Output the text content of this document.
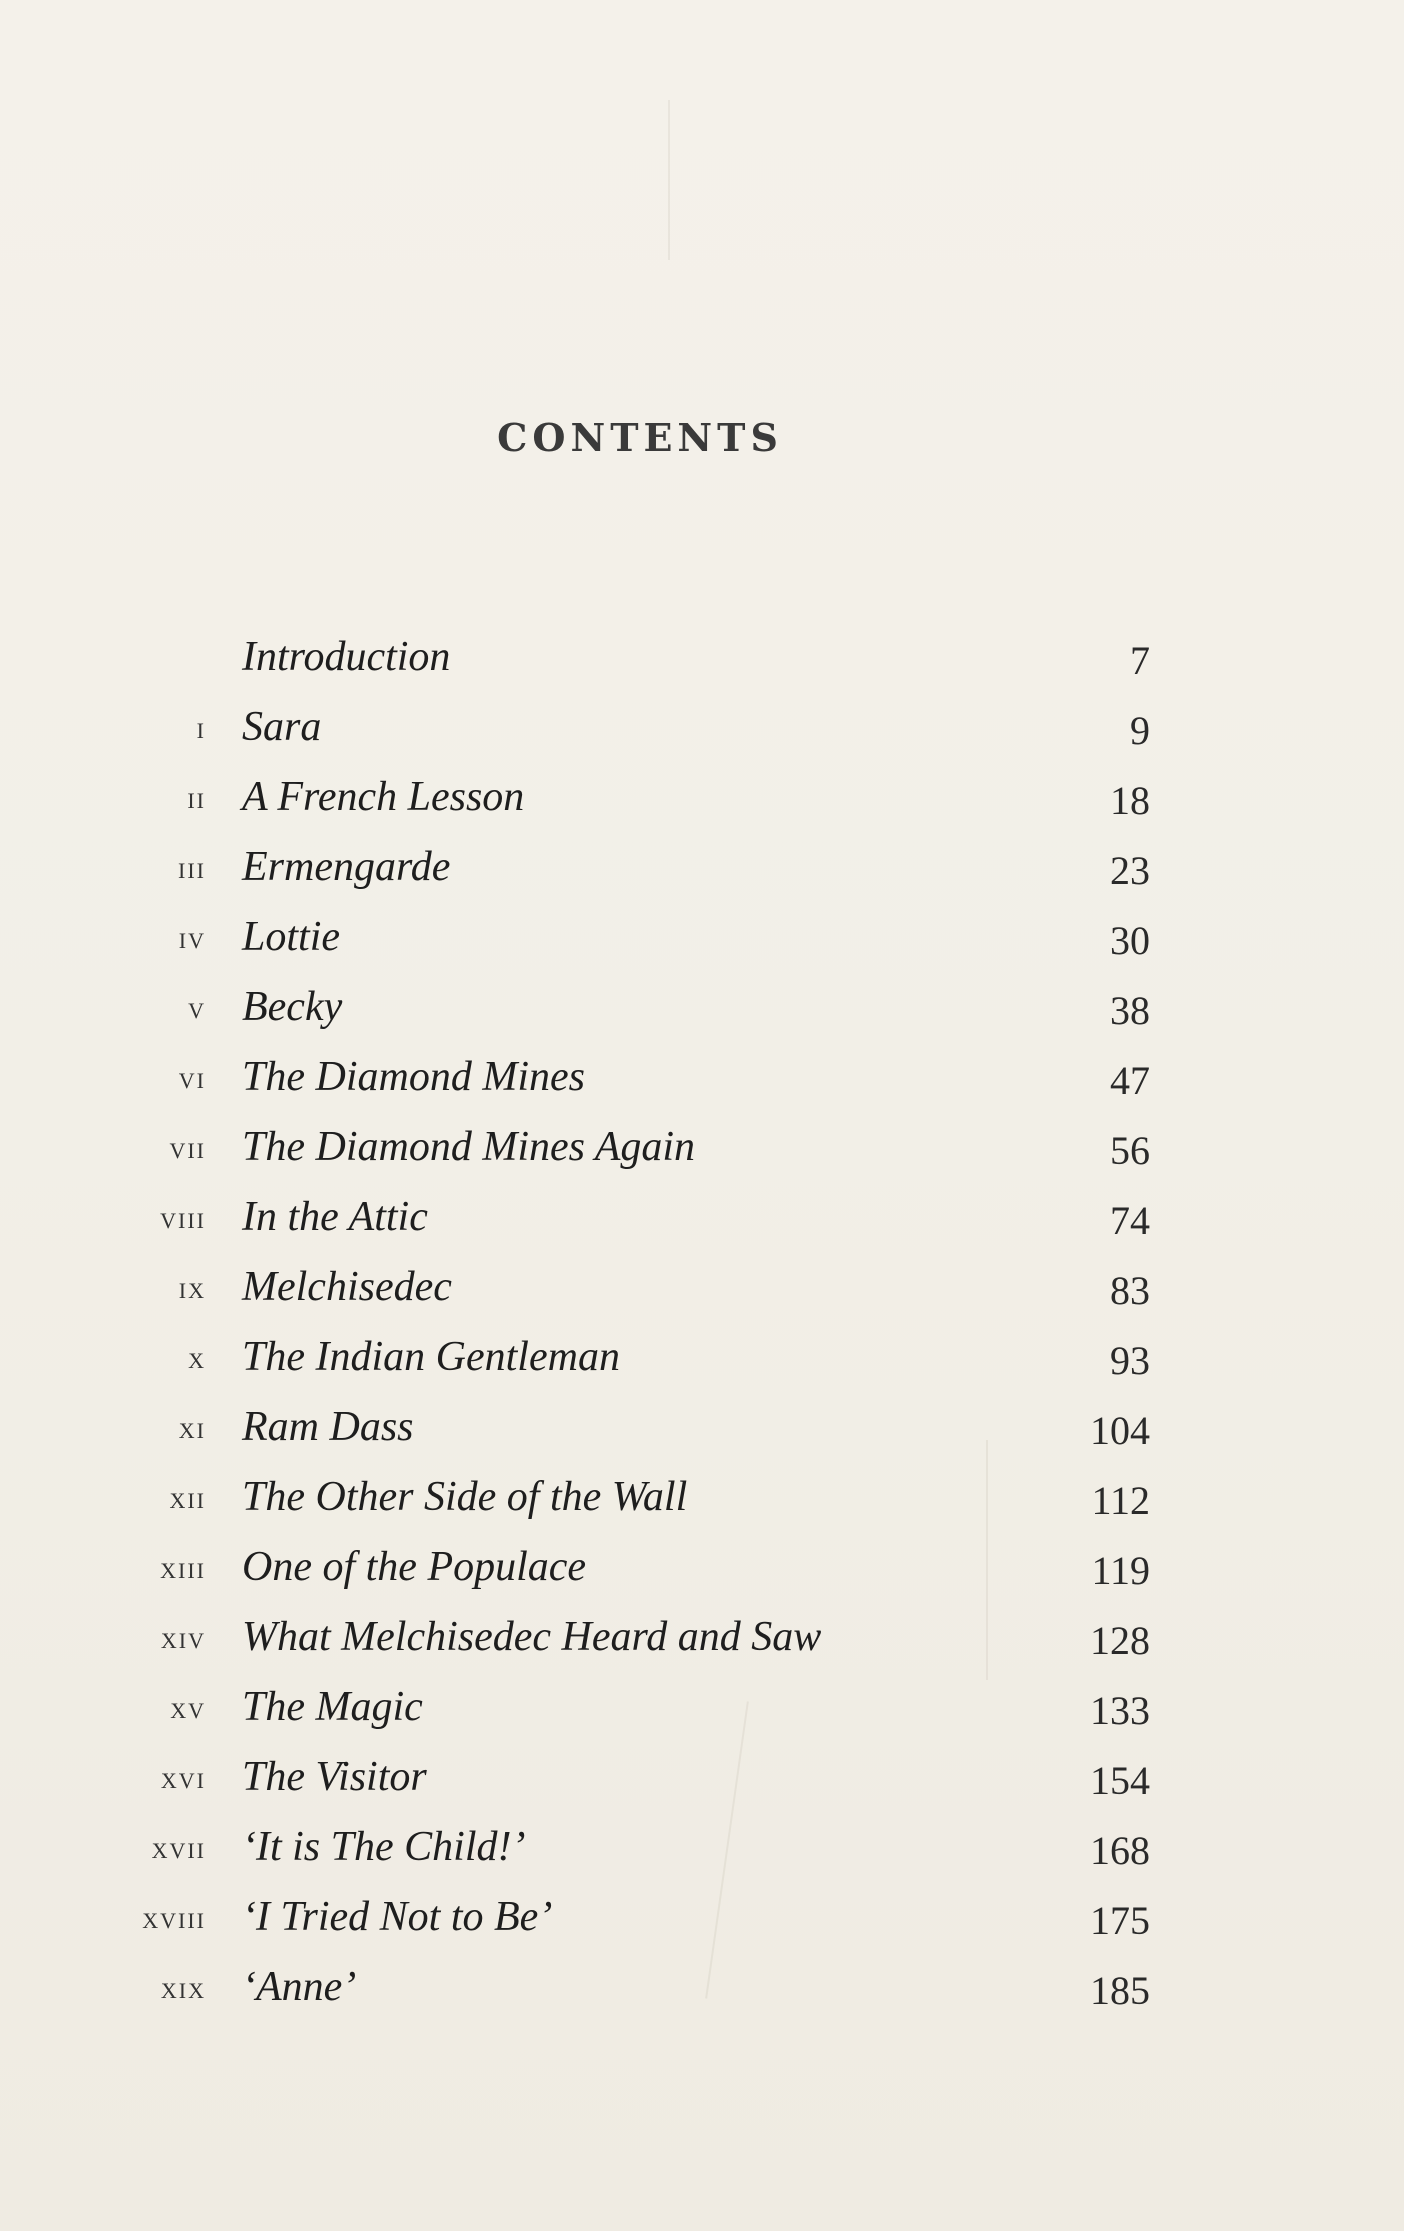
CONTENTS
Introduction	7
i Sara	9
ii A French Lesson	18
iii Ermengarde	23
iv Lottie	30
v Becky	38
vi The Diamond Mines	47
vii The Diamond Mines Again	56
viii In the Attic	74
ix Melchisedec	83
x The Indian Gentleman	93
xi Ram Dass	104
xii The Other Side of the Wall	112
xiii One of the Populace	119
xiv What Melchisedec Heard and Saw	128
xv The Magic	133
xvi The Visitor	154
xvii ‘It is The Child!’	168
xviii ‘I Tried Not to Be’	175
xix ‘Anne’	185
